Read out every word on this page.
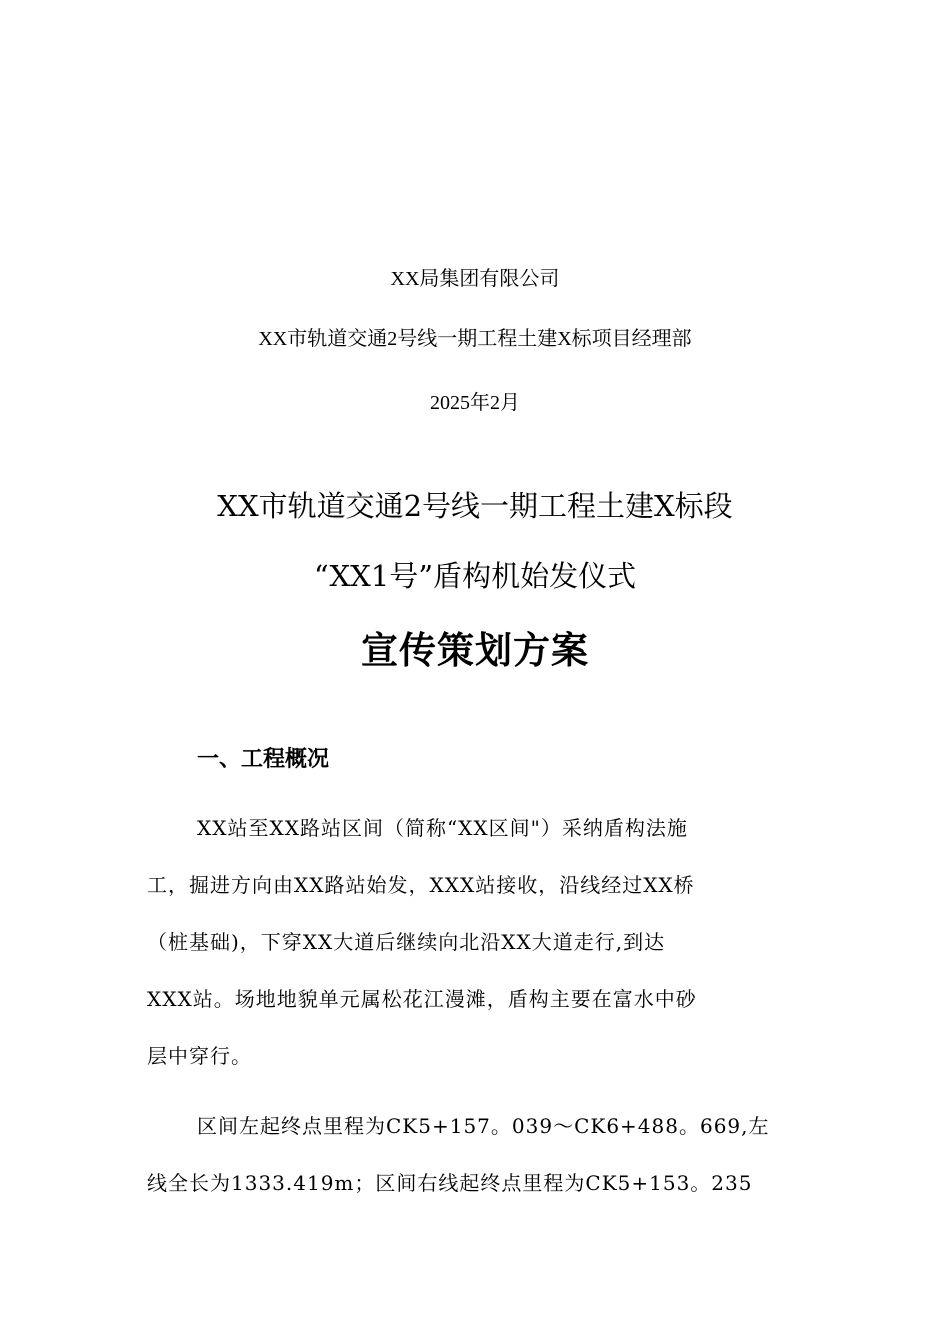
XX局集团有限公司
XX市轨道交通2号线一期工程土建X标项目经理部
2025年2月
XX市轨道交通2号线一期工程土建X标段
“XX1号”盾构机始发仪式
宣传策划方案
一、工程概况
XX站至XX路站区间（简称“XX区间"）采纳盾构法施
工，掘进方向由XX路站始发，XXX站接收，沿线经过XX桥
（桩基础)，下穿XX大道后继续向北沿XX大道走行,到达
XXX站。场地地貌单元属松花江漫滩，盾构主要在富水中砂
层中穿行。
区间左起终点里程为CK5+157。039～CK6+488。669,左
线全长为1333.419m；区间右线起终点里程为CK5+153。235
